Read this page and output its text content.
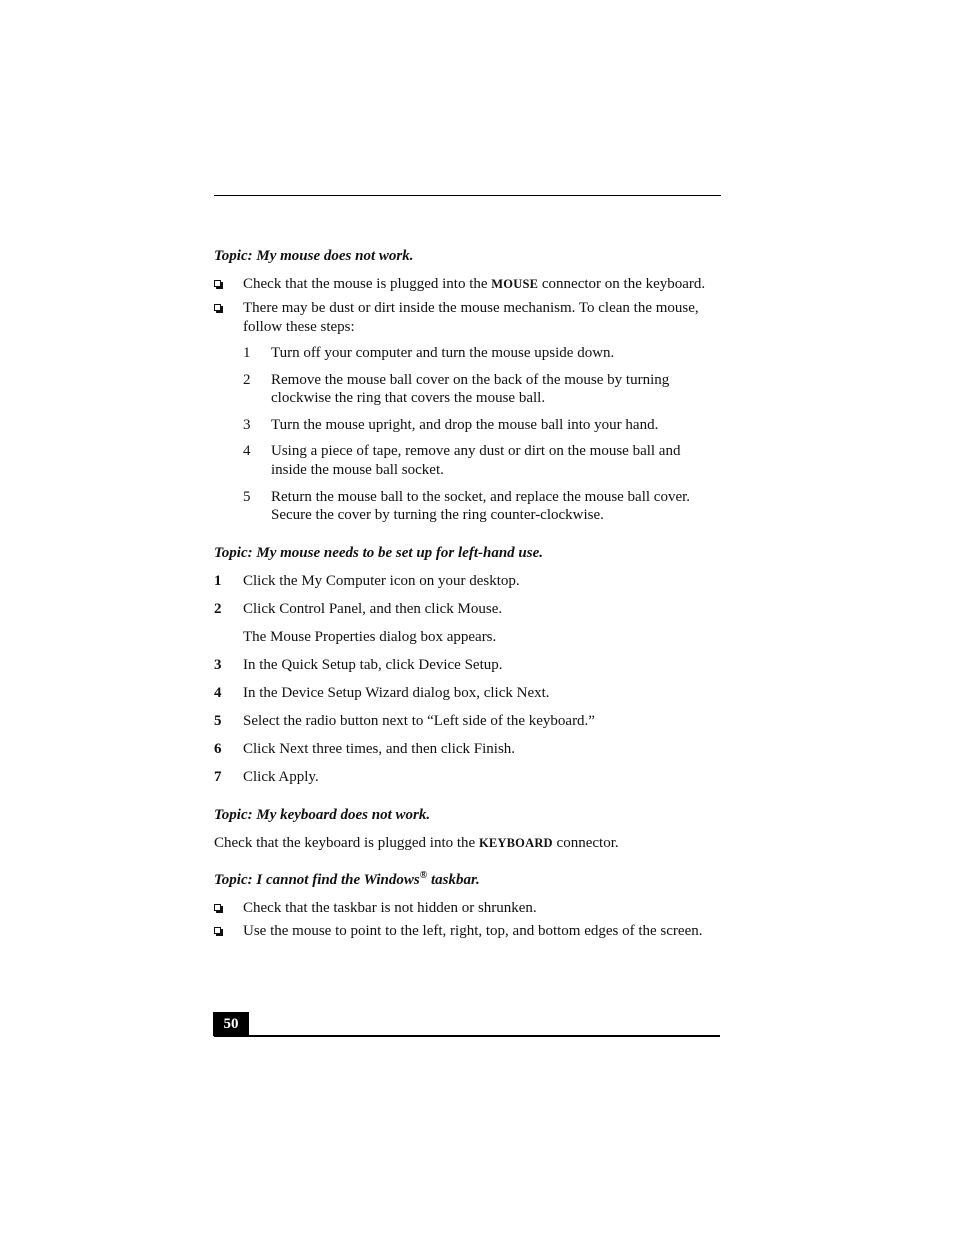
Topic: My mouse does not work.
Check that the mouse is plugged into the MOUSE connector on the keyboard.
There may be dust or dirt inside the mouse mechanism. To clean the mouse,
follow these steps:
1 Turn off your computer and turn the mouse upside down.
2 Remove the mouse ball cover on the back of the mouse by turning
clockwise the ring that covers the mouse ball.
3 Turn the mouse upright, and drop the mouse ball into your hand.
4 Using a piece of tape, remove any dust or dirt on the mouse ball and
inside the mouse ball socket.
5 Return the mouse ball to the socket, and replace the mouse ball cover.
Secure the cover by turning the ring counter-clockwise.
Topic: My mouse needs to be set up for left-hand use.
1 Click the My Computer icon on your desktop.
2 Click Control Panel, and then click Mouse.
The Mouse Properties dialog box appears.
3 In the Quick Setup tab, click Device Setup.
4 In the Device Setup Wizard dialog box, click Next.
5 Select the radio button next to “Left side of the keyboard.”
6 Click Next three times, and then click Finish.
7 Click Apply.
Topic: My keyboard does not work.
Check that the keyboard is plugged into the KEYBOARD connector.
Topic: I cannot find the Windows® taskbar.
Check that the taskbar is not hidden or shrunken.
Use the mouse to point to the left, right, top, and bottom edges of the screen.
50
